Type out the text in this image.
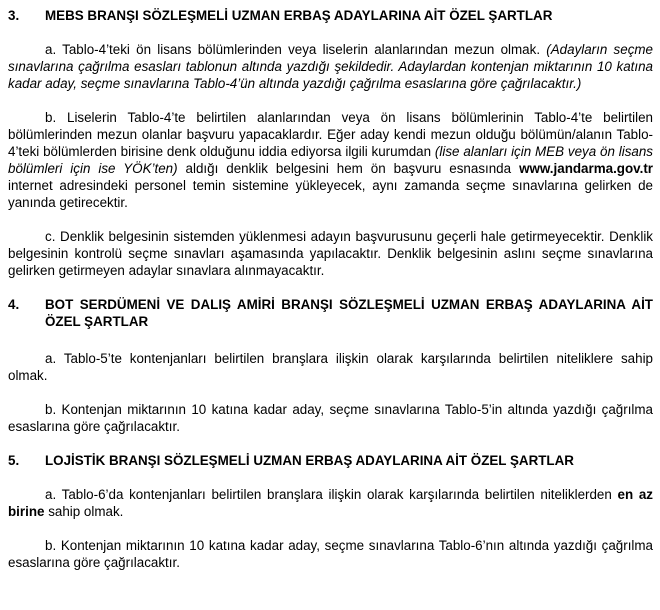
3.	MEBS BRANŞI SÖZLEŞMELİ UZMAN ERBAŞ ADAYLARINA AİT ÖZEL ŞARTLAR

a. Tablo-4’teki ön lisans bölümlerinden veya liselerin alanlarından mezun olmak. (Adayların seçme sınavlarına çağrılma esasları tablonun altında yazdığı şekildedir. Adaylardan kontenjan miktarının 10 katına kadar aday, seçme sınavlarına Tablo-4’ün altında yazdığı çağrılma esaslarına göre çağrılacaktır.)

b. Liselerin Tablo-4’te belirtilen alanlarından veya ön lisans bölümlerinin Tablo-4’te belirtilen bölümlerinden mezun olanlar başvuru yapacaklardır. Eğer aday kendi mezun olduğu bölümün/alanın Tablo-4’teki bölümlerden birisine denk olduğunu iddia ediyorsa ilgili kurumdan (lise alanları için MEB veya ön lisans bölümleri için ise YÖK’ten) aldığı denklik belgesini hem ön başvuru esnasında www.jandarma.gov.tr internet adresindeki personel temin sistemine yükleyecek, aynı zamanda seçme sınavlarına gelirken de yanında getirecektir.

c. Denklik belgesinin sistemden yüklenmesi adayın başvurusunu geçerli hale getirmeyecektir. Denklik belgesinin kontrolü seçme sınavları aşamasında yapılacaktır. Denklik belgesinin aslını seçme sınavlarına gelirken getirmeyen adaylar sınavlara alınmayacaktır.

4.	BOT SERDÜMENİ VE DALIŞ AMİRİ BRANŞI SÖZLEŞMELİ UZMAN ERBAŞ ADAYLARINA AİT ÖZEL ŞARTLAR

a. Tablo-5’te kontenjanları belirtilen branşlara ilişkin olarak karşılarında belirtilen niteliklere sahip olmak.

b. Kontenjan miktarının 10 katına kadar aday, seçme sınavlarına Tablo-5’in altında yazdığı çağrılma esaslarına göre çağrılacaktır.

5.	LOJİSTİK BRANŞI SÖZLEŞMELİ UZMAN ERBAŞ ADAYLARINA AİT ÖZEL ŞARTLAR

a. Tablo-6’da kontenjanları belirtilen branşlara ilişkin olarak karşılarında belirtilen niteliklerden en az birine sahip olmak.

b. Kontenjan miktarının 10 katına kadar aday, seçme sınavlarına Tablo-6’nın altında yazdığı çağrılma esaslarına göre çağrılacaktır.
